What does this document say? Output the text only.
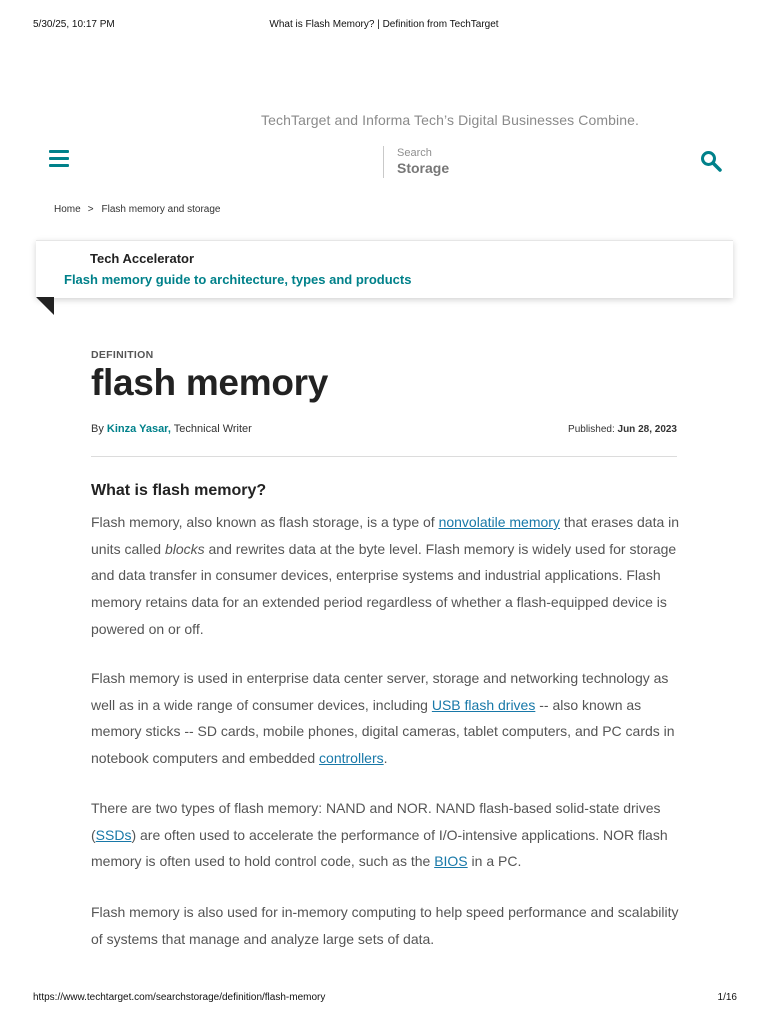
5/30/25, 10:17 PM	What is Flash Memory? | Definition from TechTarget
TechTarget and Informa Tech’s Digital Businesses Combine.
Search
Storage
Home > Flash memory and storage
Tech Accelerator
Flash memory guide to architecture, types and products
DEFINITION
flash memory
By Kinza Yasar, Technical Writer	Published: Jun 28, 2023
What is flash memory?

Flash memory, also known as flash storage, is a type of nonvolatile memory that erases data in units called blocks and rewrites data at the byte level. Flash memory is widely used for storage and data transfer in consumer devices, enterprise systems and industrial applications. Flash memory retains data for an extended period regardless of whether a flash-equipped device is powered on or off.

Flash memory is used in enterprise data center server, storage and networking technology as well as in a wide range of consumer devices, including USB flash drives -- also known as memory sticks -- SD cards, mobile phones, digital cameras, tablet computers, and PC cards in notebook computers and embedded controllers.

There are two types of flash memory: NAND and NOR. NAND flash-based solid-state drives (SSDs) are often used to accelerate the performance of I/O-intensive applications. NOR flash memory is often used to hold control code, such as the BIOS in a PC.

Flash memory is also used for in-memory computing to help speed performance and scalability of systems that manage and analyze large sets of data.

https://www.techtarget.com/searchstorage/definition/flash-memory	1/16
